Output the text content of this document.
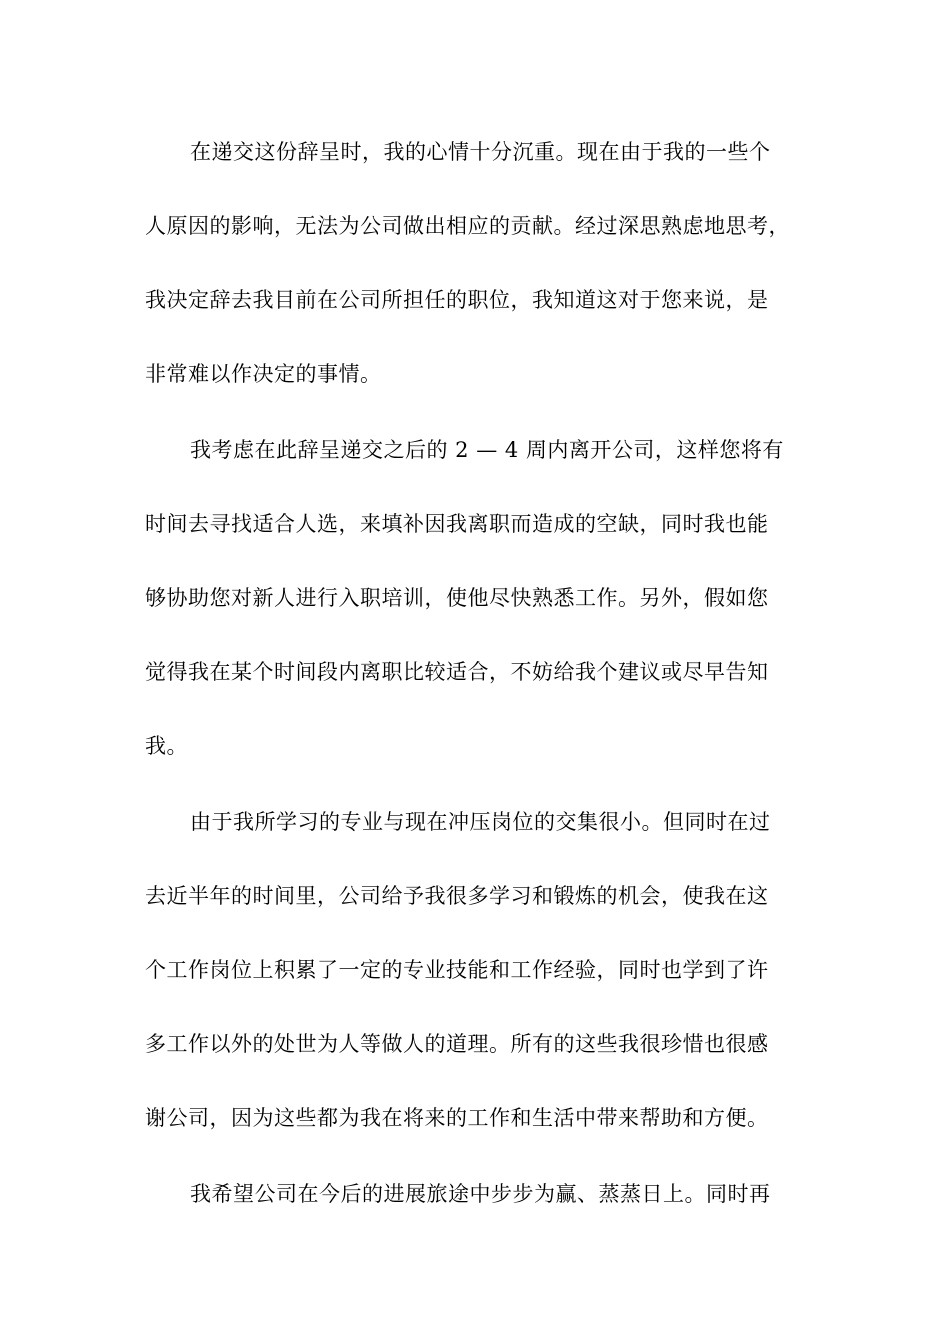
在递交这份辞呈时，我的心情十分沉重。现在由于我的一些个
人原因的影响，无法为公司做出相应的贡献。经过深思熟虑地思考，
我决定辞去我目前在公司所担任的职位，我知道这对于您来说，是
非常难以作决定的事情。
我考虑在此辞呈递交之后的 2 — 4 周内离开公司，这样您将有
时间去寻找适合人选，来填补因我离职而造成的空缺，同时我也能
够协助您对新人进行入职培训，使他尽快熟悉工作。另外，假如您
觉得我在某个时间段内离职比较适合，不妨给我个建议或尽早告知
我。
由于我所学习的专业与现在冲压岗位的交集很小。但同时在过
去近半年的时间里，公司给予我很多学习和锻炼的机会，使我在这
个工作岗位上积累了一定的专业技能和工作经验，同时也学到了许
多工作以外的处世为人等做人的道理。所有的这些我很珍惜也很感
谢公司，因为这些都为我在将来的工作和生活中带来帮助和方便。
我希望公司在今后的进展旅途中步步为赢、蒸蒸日上。同时再
